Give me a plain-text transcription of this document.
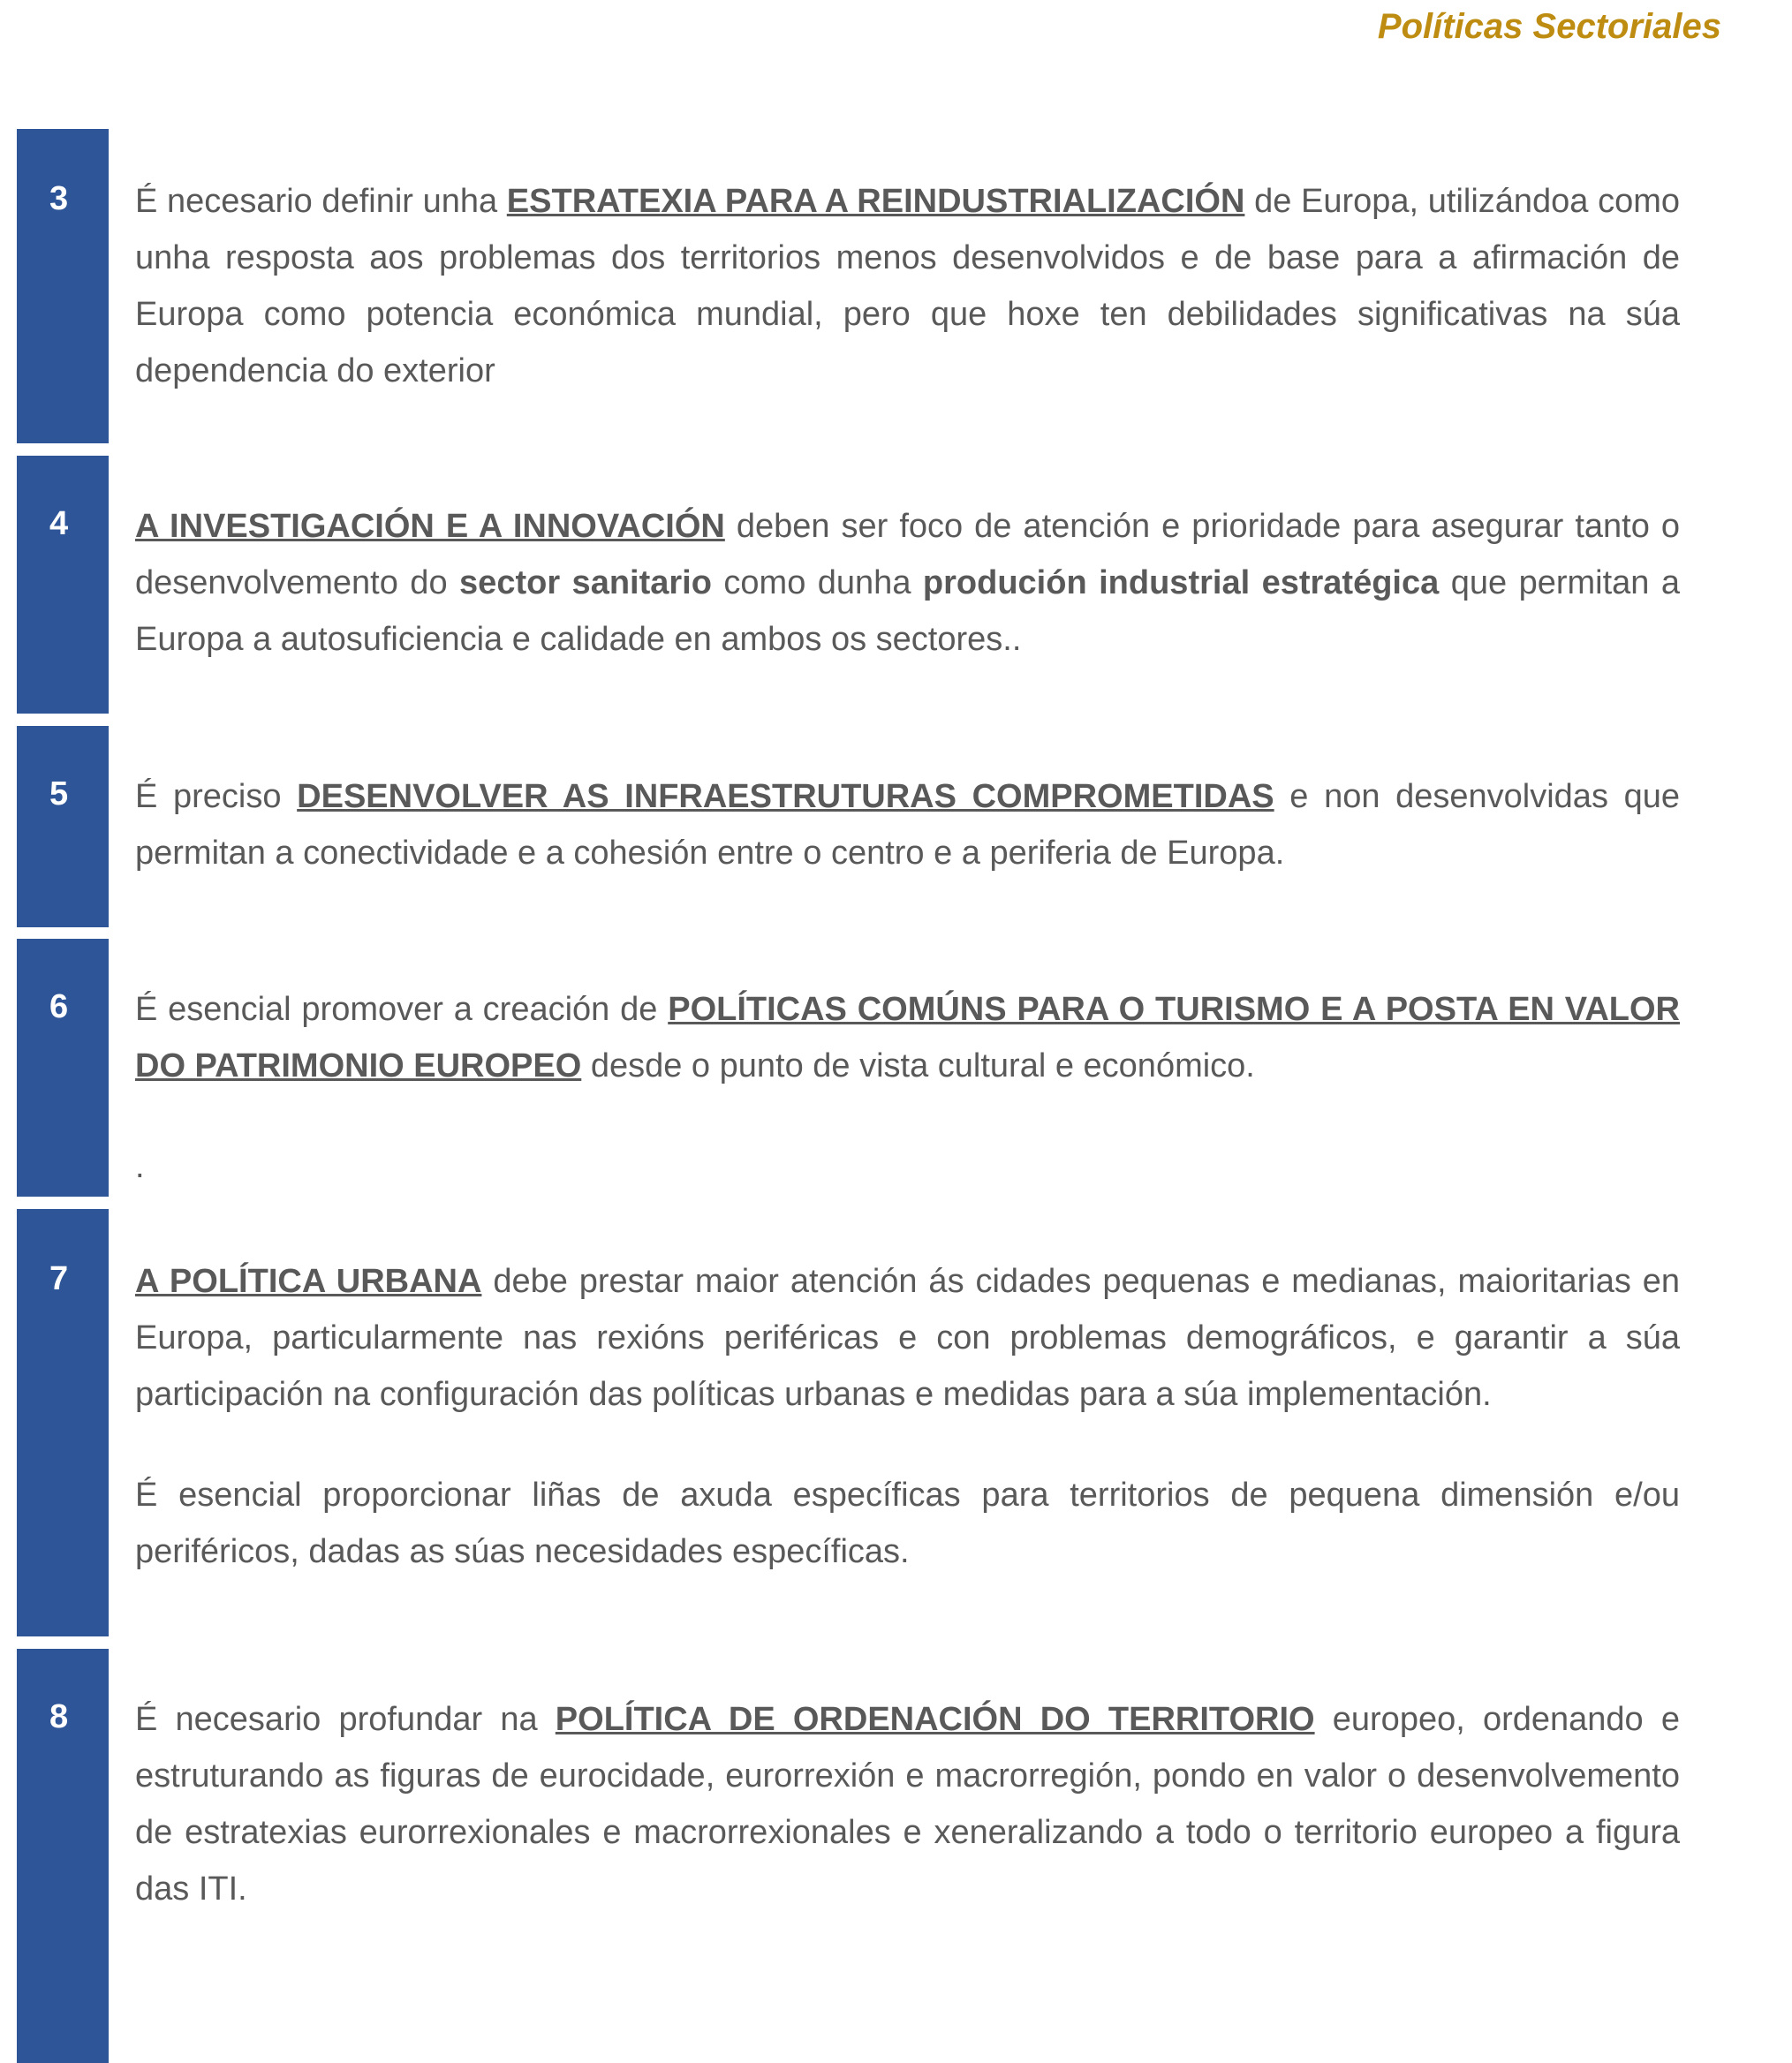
Políticas Sectoriales
3	É necesario definir unha ESTRATEXIA PARA A REINDUSTRIALIZACIÓN de Europa, utilizándoa como unha resposta aos problemas dos territorios menos desenvolvidos e de base para a afirmación de Europa como potencia económica mundial, pero que hoxe ten debilidades significativas na súa dependencia do exterior

4	A INVESTIGACIÓN E A INNOVACIÓN deben ser foco de atención e prioridade para asegurar tanto o desenvolvemento do sector sanitario como dunha produción industrial estratégica que permitan a Europa a autosuficiencia e calidade en ambos os sectores..

5	É preciso DESENVOLVER AS INFRAESTRUTURAS COMPROMETIDAS e non desenvolvidas que permitan a conectividade e a cohesión entre o centro e a periferia de Europa.

6	É esencial promover a creación de POLÍTICAS COMÚNS PARA O TURISMO E A POSTA EN VALOR DO PATRIMONIO EUROPEO desde o punto de vista cultural e económico.

.

7	A POLÍTICA URBANA debe prestar maior atención ás cidades pequenas e medianas, maioritarias en Europa, particularmente nas rexións periféricas e con problemas demográficos, e garantir a súa participación na configuración das políticas urbanas e medidas para a súa implementación.

É esencial proporcionar liñas de axuda específicas para territorios de pequena dimensión e/ou periféricos, dadas as súas necesidades específicas.

8	É necesario profundar na POLÍTICA DE ORDENACIÓN DO TERRITORIO europeo, ordenando e estruturando as figuras de eurocidade, eurorrexión e macrorregión, pondo en valor o desenvolvemento de estratexias eurorrexionales e macrorrexionales e xeneralizando a todo o territorio europeo a figura das ITI.
